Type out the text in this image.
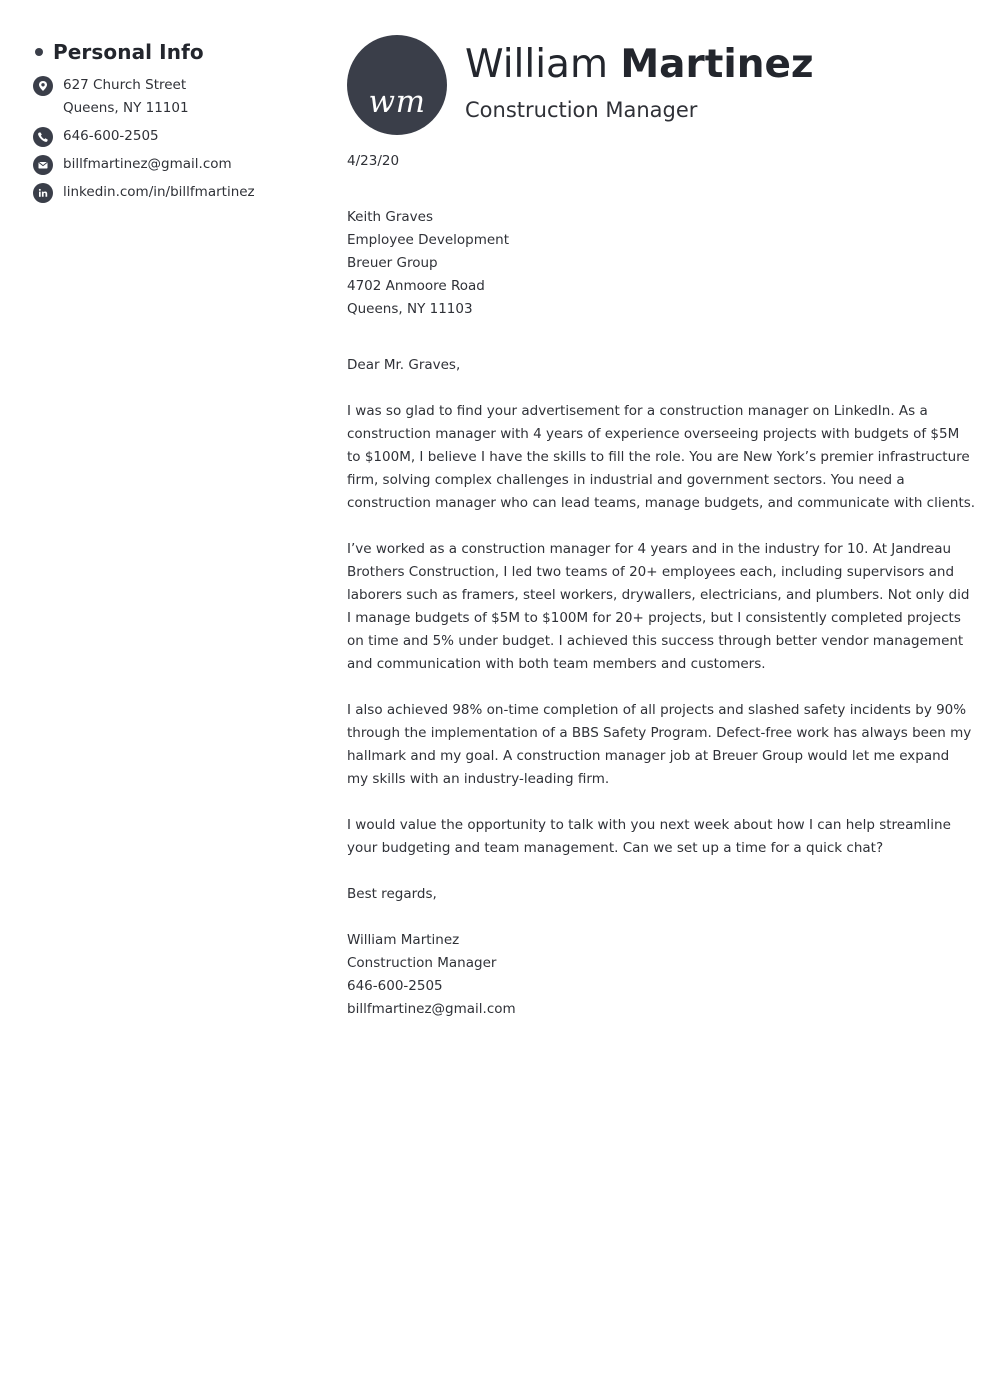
Personal Info
627 Church Street
Queens, NY 11101
646-600-2505
billfmartinez@gmail.com
linkedin.com/in/billfmartinez
wm
William Martinez
Construction Manager

4/23/20

Keith Graves
Employee Development
Breuer Group
4702 Anmoore Road
Queens, NY 11103

Dear Mr. Graves,

I was so glad to find your advertisement for a construction manager on LinkedIn. As a
construction manager with 4 years of experience overseeing projects with budgets of $5M
to $100M, I believe I have the skills to fill the role. You are New York’s premier infrastructure
firm, solving complex challenges in industrial and government sectors. You need a
construction manager who can lead teams, manage budgets, and communicate with clients.

I’ve worked as a construction manager for 4 years and in the industry for 10. At Jandreau
Brothers Construction, I led two teams of 20+ employees each, including supervisors and
laborers such as framers, steel workers, drywallers, electricians, and plumbers. Not only did
I manage budgets of $5M to $100M for 20+ projects, but I consistently completed projects
on time and 5% under budget. I achieved this success through better vendor management
and communication with both team members and customers.

I also achieved 98% on-time completion of all projects and slashed safety incidents by 90%
through the implementation of a BBS Safety Program. Defect-free work has always been my
hallmark and my goal. A construction manager job at Breuer Group would let me expand
my skills with an industry-leading firm.

I would value the opportunity to talk with you next week about how I can help streamline
your budgeting and team management. Can we set up a time for a quick chat?

Best regards,

William Martinez
Construction Manager
646-600-2505
billfmartinez@gmail.com
